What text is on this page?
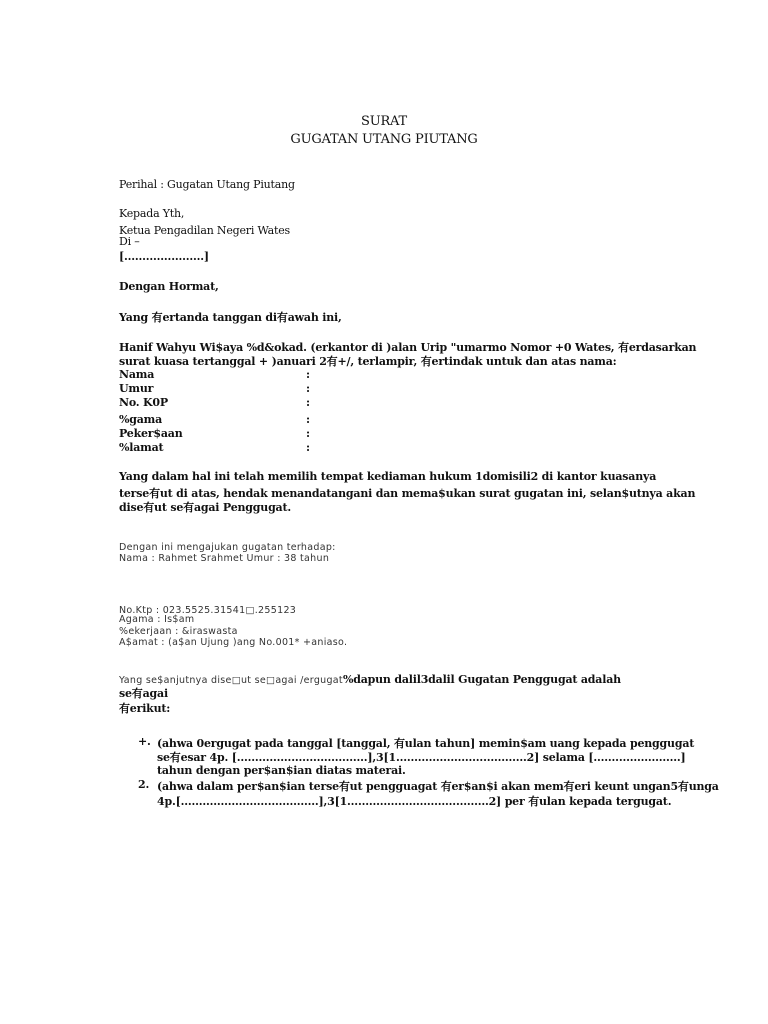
SURAT
GUGATAN UTANG PIUTANG
Perihal : Gugatan Utang Piutang
Kepada Yth,
Ketua Pengadilan Negeri Wates
Di –
[......................]
Dengan Hormat,
Yang 有ertanda tanggan di有awah ini,
Hanif Wahyu Wi$aya %d&okad. (erkantor di )alan Urip "umarmo Nomor +0 Wates, 有erdasarkan
surat kuasa tertanggal + )anuari 2有+/, terlampir, 有ertindak untuk dan atas nama:
Nama	:
Umur	:
No. K0P	:
%gama	:
Peker$aan	:
%lamat	:
Yang dalam hal ini telah memilih tempat kediaman hukum 1domisili2 di kantor kuasanya
terse有ut di atas, hendak menandatangani dan mema$ukan surat gugatan ini, selan$utnya akan
dise有ut se有agai Penggugat.
Dengan ini mengajukan gugatan terhadap:
Nama : Rahmet Srahmet Umur : 38 tahun
No.Ktp : 023.5525.31541□.255123
Agama : Is$am
%ekerjaan : &iraswasta
A$amat : (a$an Ujung )ang No.001* +aniaso.
Yang se$anjutnya dise□ut se□agai /ergugat%dapun dalil3dalil Gugatan Penggugat adalah
se有agai
有erikut:
+. (ahwa 0ergugat pada tanggal [tanggal, 有ulan tahun] memin$am uang kepada penggugat
se有esar 4p. [....................................],3[1....................................2] selama [........................]
tahun dengan per$an$ian diatas materai.
2. (ahwa dalam per$an$ian terse有ut pengguagat 有er$an$i akan mem有eri keunt ungan5有unga
4p.[......................................],3[1.......................................2] per 有ulan kepada tergugat.
